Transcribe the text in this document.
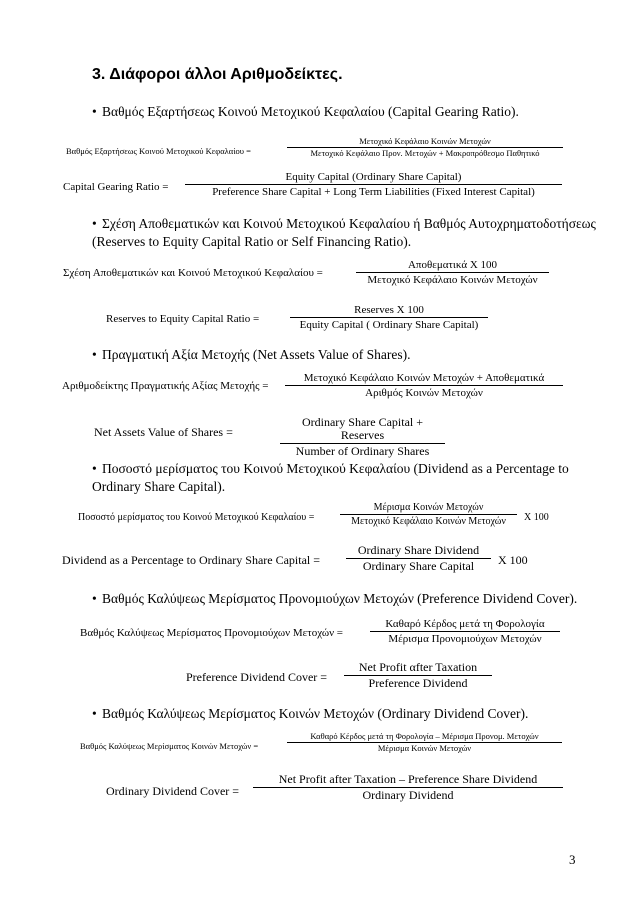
3. Διάφοροι άλλοι Αριθμοδείκτες.
• Βαθμός Εξαρτήσεως Κοινού Μετοχικού Κεφαλαίου (Capital Gearing Ratio).
Βαθμός Εξαρτήσεως Κοινού Μετοχικού Κεφαλαίου =
Μετοχικό Κεφάλαιο Κοινών Μετοχών
Μετοχικό Κεφάλαιο Προν. Μετοχών + Μακροπρόθεσμο Παθητικό
Capital Gearing Ratio =
Equity Capital (Ordinary Share Capital)
Preference Share Capital + Long Term Liabilities (Fixed Interest Capital)
• Σχέση Αποθεματικών και Κοινού Μετοχικού Κεφαλαίου ή Βαθμός Αυτοχρηματοδοτήσεως
(Reserves to Equity Capital Ratio or Self Financing Ratio).
Σχέση Αποθεματικών και Κοινού Μετοχικού Κεφαλαίου =
Αποθεματικά X 100
Μετοχικό Κεφάλαιο Κοινών Μετοχών
Reserves to Equity Capital Ratio =
Reserves X 100
Equity Capital ( Ordinary Share Capital)
• Πραγματική Αξία Μετοχής (Net Assets Value of Shares).
Αριθμοδείκτης Πραγματικής Αξίας Μετοχής =
Μετοχικό Κεφάλαιο Κοινών Μετοχών + Αποθεματικά
Αριθμός Κοινών Μετοχών
Net Assets Value of Shares =
Ordinary Share Capital + Reserves
Number of Ordinary Shares
• Ποσοστό μερίσματος του Κοινού Μετοχικού Κεφαλαίου (Dividend as a Percentage to
Ordinary Share Capital).
Ποσοστό μερίσματος του Κοινού Μετοχικού Κεφαλαίου =
Μέρισμα Κοινών Μετοχών
Μετοχικό Κεφάλαιο Κοινών Μετοχών	X 100
Dividend as a Percentage to Ordinary Share Capital =
Ordinary Share Dividend
Ordinary Share Capital	X 100
• Βαθμός Καλύψεως Μερίσματος Προνομιούχων Μετοχών (Preference Dividend Cover).
Βαθμός Καλύψεως Μερίσματος Προνομιούχων Μετοχών =
Καθαρό Κέρδος μετά τη Φορολογία
Μέρισμα Προνομιούχων Μετοχών
Preference Dividend Cover =
Net Profit αfter Taxation
Preference Dividend
• Βαθμός Καλύψεως Μερίσματος Κοινών Μετοχών (Ordinary Dividend Cover).
Βαθμός Καλύψεως Μερίσματος Κοινών Μετοχών =
Καθαρό Κέρδος μετά τη Φορολογία – Μέρισμα Προνομ. Μετοχών
Μέρισμα Κοινών Μετοχών
Ordinary Dividend Cover =
Net Profit after Taxation – Preference Share Dividend
Ordinary Dividend
3
